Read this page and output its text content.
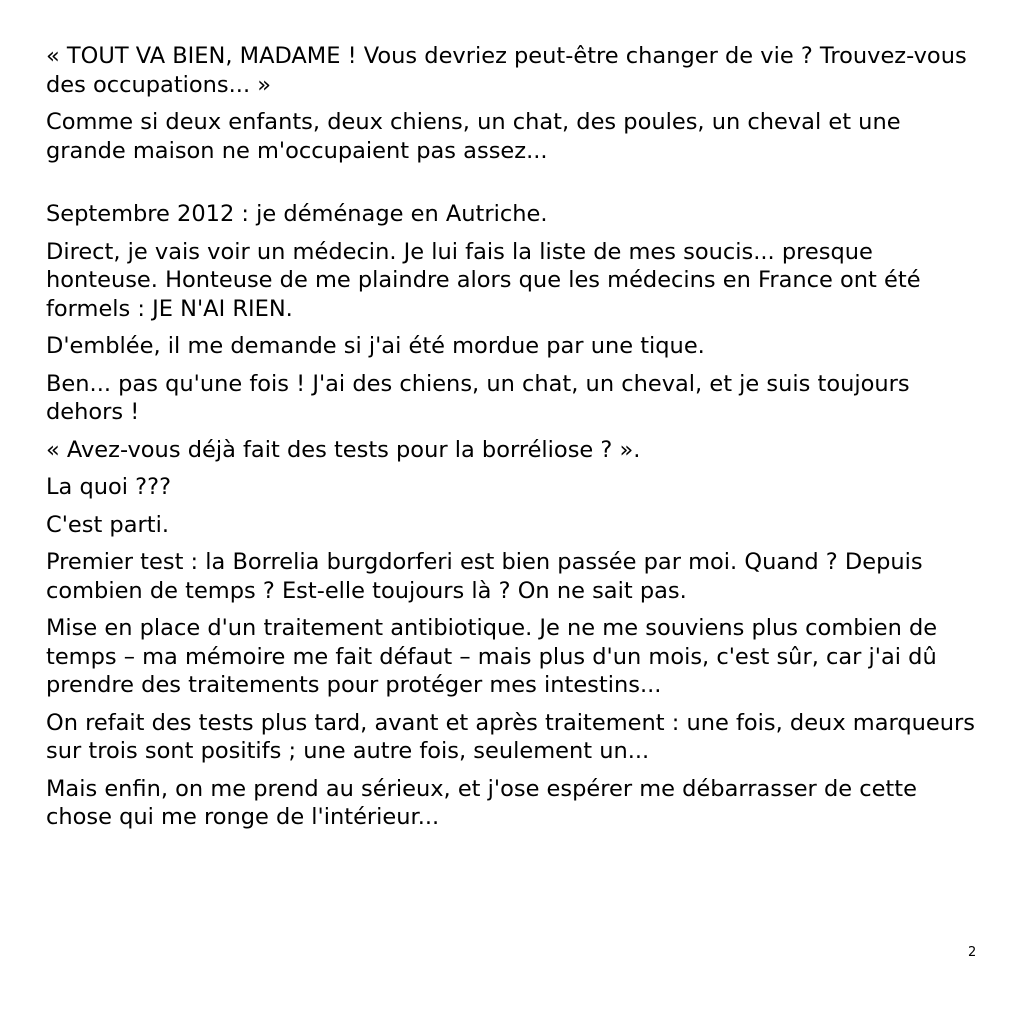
« TOUT VA BIEN, MADAME ! Vous devriez peut-être changer de vie ? Trouvez-vous des occupations... »

Comme si deux enfants, deux chiens, un chat, des poules, un cheval et une grande maison ne m'occupaient pas assez...

Septembre 2012 : je déménage en Autriche.

Direct, je vais voir un médecin. Je lui fais la liste de mes soucis... presque honteuse. Honteuse de me plaindre alors que les médecins en France ont été formels : JE N'AI RIEN.

D'emblée, il me demande si j'ai été mordue par une tique.

Ben... pas qu'une fois ! J'ai des chiens, un chat, un cheval, et je suis toujours dehors !

« Avez-vous déjà fait des tests pour la borréliose ? ».

La quoi ???

C'est parti.

Premier test : la Borrelia burgdorferi est bien passée par moi. Quand ? Depuis combien de temps ? Est-elle toujours là ? On ne sait pas.

Mise en place d'un traitement antibiotique. Je ne me souviens plus combien de temps – ma mémoire me fait défaut – mais plus d'un mois, c'est sûr, car j'ai dû prendre des traitements pour protéger mes intestins...

On refait des tests plus tard, avant et après traitement : une fois, deux marqueurs sur trois sont positifs ; une autre fois, seulement un...

Mais enfin, on me prend au sérieux, et j'ose espérer me débarrasser de cette chose qui me ronge de l'intérieur...

2
